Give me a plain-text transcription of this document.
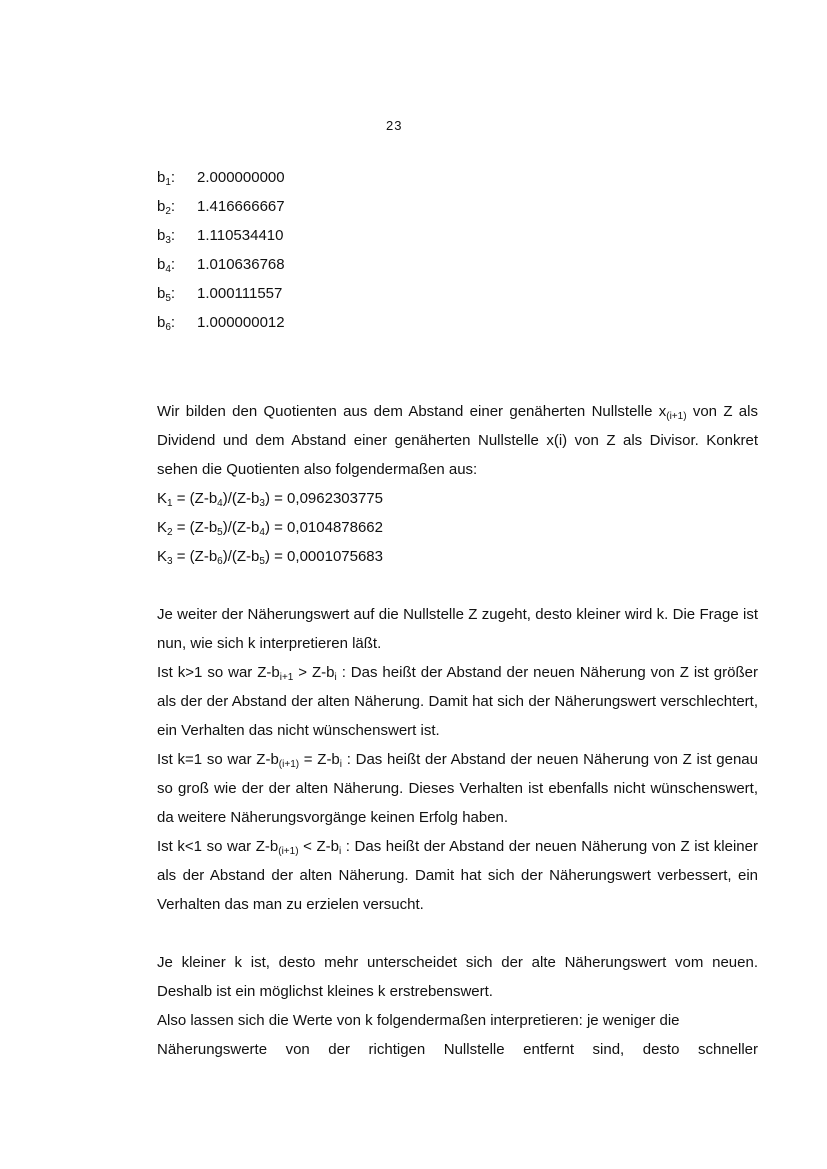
23
$b_1$: 2.000000000
$b_2$: 1.416666667
$b_3$: 1.110534410
$b_4$: 1.010636768
$b_5$: 1.000111557
$b_6$: 1.000000012

Wir bilden den Quotienten aus dem Abstand einer genäherten Nullstelle $x_{(i+1)}$ von Z als Dividend und dem Abstand einer genäherten Nullstelle x(i) von Z als Divisor. Konkret sehen die Quotienten also folgendermaßen aus:

$K_1 = (Z-b_4)/(Z-b_3) = 0,0962303775$

$K_2 = (Z-b_5)/(Z-b_4) = 0,0104878662$

$K_3 = (Z-b_6)/(Z-b_5) = 0,0001075683$

Je weiter der Näherungswert auf die Nullstelle Z zugeht, desto kleiner wird k. Die Frage ist nun, wie sich k interpretieren läßt.

Ist k>1 so war $Z-b_{i+1} > Z-b_i$ : Das heißt der Abstand der neuen Näherung von Z ist größer als der der Abstand der alten Näherung. Damit hat sich der Näherungswert verschlechtert, ein Verhalten das nicht wünschenswert ist.

Ist k=1 so war $Z-b_{(i+1)} = Z-b_i$ : Das heißt der Abstand der neuen Näherung von Z ist genau so groß wie der der alten Näherung. Dieses Verhalten ist ebenfalls nicht wünschenswert, da weitere Näherungsvorgänge keinen Erfolg haben.

Ist k<1 so war $Z-b_{(i+1)} < Z-b_i$ : Das heißt der Abstand der neuen Näherung von Z ist kleiner als der Abstand der alten Näherung. Damit hat sich der Näherungswert verbessert, ein Verhalten das man zu erzielen versucht.

Je kleiner k ist, desto mehr unterscheidet sich der alte Näherungswert vom neuen. Deshalb ist ein möglichst kleines k erstrebenswert.

Also lassen sich die Werte von k folgendermaßen interpretieren: je weniger die

Näherungswerte von der richtigen Nullstelle entfernt sind, desto schneller
